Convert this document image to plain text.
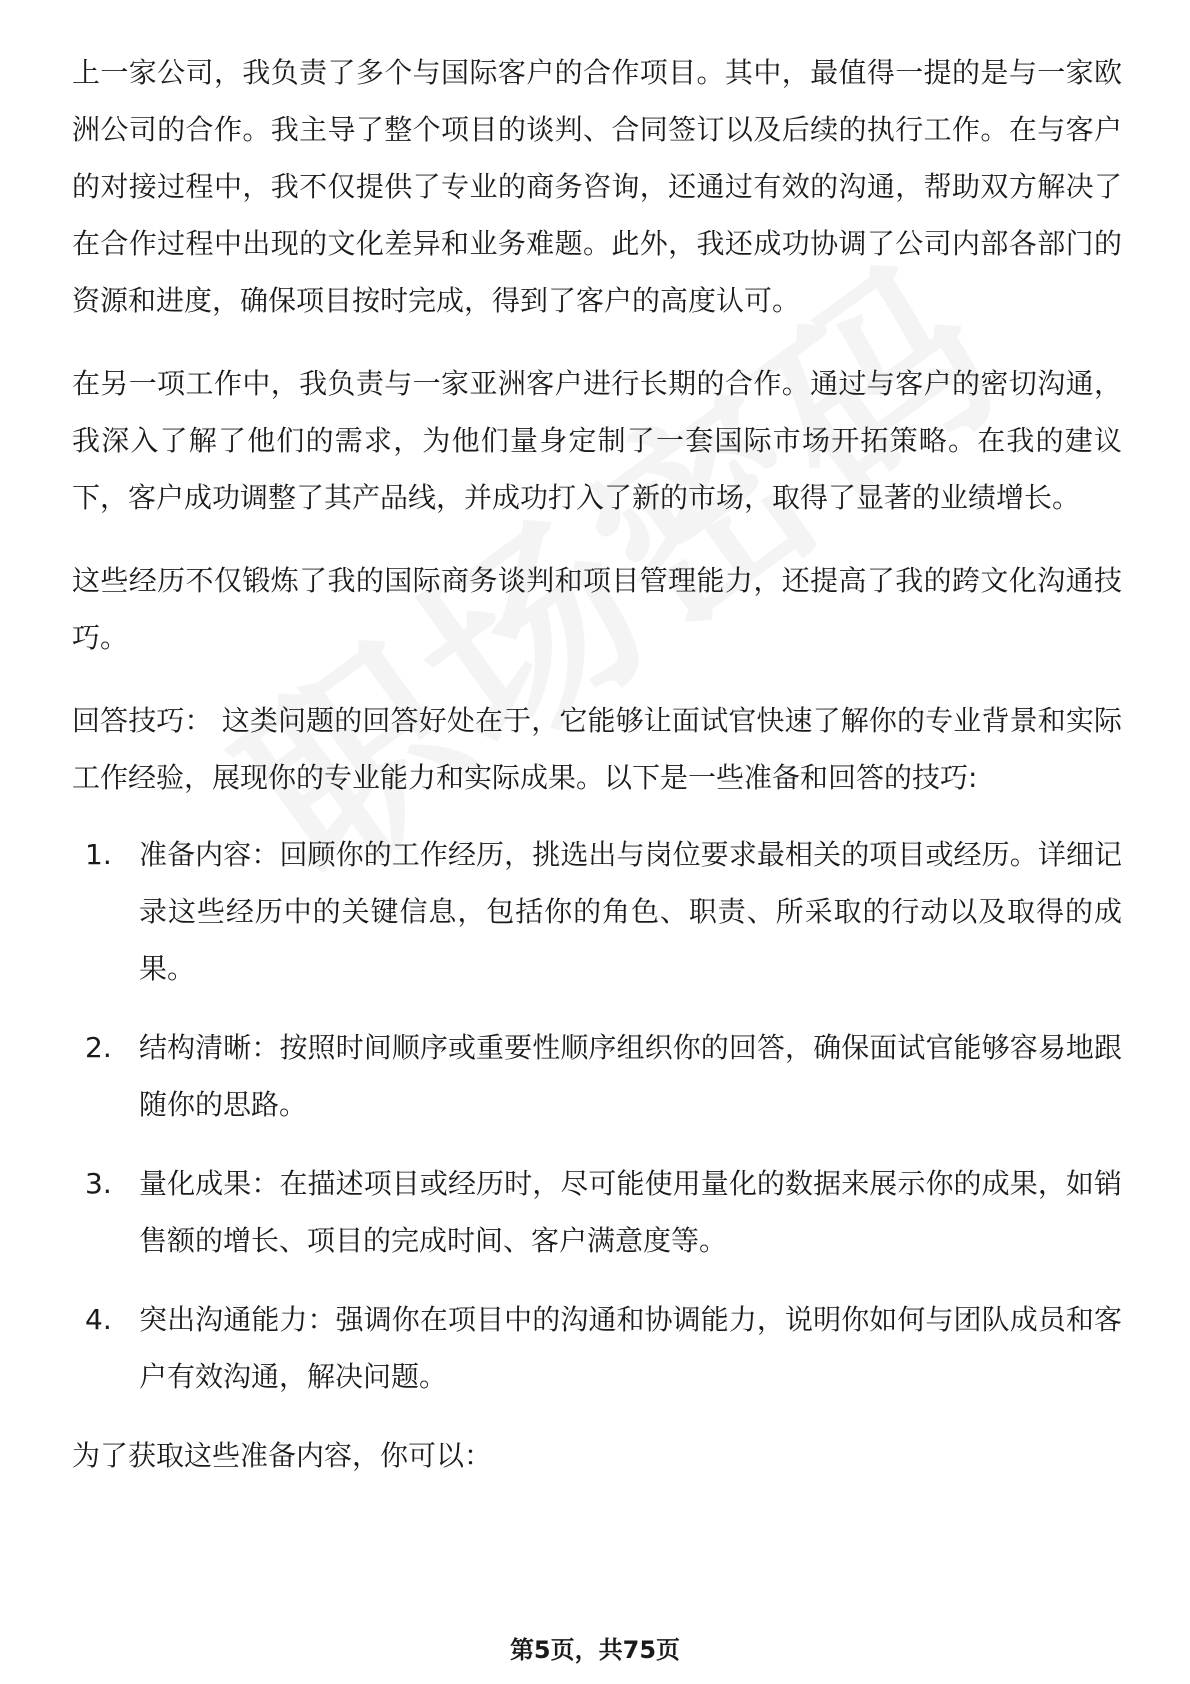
上一家公司，我负责了多个与国际客户的合作项目。其中，最值得一提的是与一家欧洲公司的合作。我主导了整个项目的谈判、合同签订以及后续的执行工作。在与客户的对接过程中，我不仅提供了专业的商务咨询，还通过有效的沟通，帮助双方解决了在合作过程中出现的文化差异和业务难题。此外，我还成功协调了公司内部各部门的资源和进度，确保项目按时完成，得到了客户的高度认可。

在另一项工作中，我负责与一家亚洲客户进行长期的合作。通过与客户的密切沟通，我深入了解了他们的需求，为他们量身定制了一套国际市场开拓策略。在我的建议下，客户成功调整了其产品线，并成功打入了新的市场，取得了显著的业绩增长。

这些经历不仅锻炼了我的国际商务谈判和项目管理能力，还提高了我的跨文化沟通技巧。

回答技巧： 这类问题的回答好处在于，它能够让面试官快速了解你的专业背景和实际工作经验，展现你的专业能力和实际成果。以下是一些准备和回答的技巧:

1. 准备内容：回顾你的工作经历，挑选出与岗位要求最相关的项目或经历。详细记录这些经历中的关键信息，包括你的角色、职责、所采取的行动以及取得的成果。
2. 结构清晰：按照时间顺序或重要性顺序组织你的回答，确保面试官能够容易地跟随你的思路。
3. 量化成果：在描述项目或经历时，尽可能使用量化的数据来展示你的成果，如销售额的增长、项目的完成时间、客户满意度等。
4. 突出沟通能力：强调你在项目中的沟通和协调能力，说明你如何与团队成员和客户有效沟通，解决问题。

为了获取这些准备内容，你可以：

第5页，共75页
